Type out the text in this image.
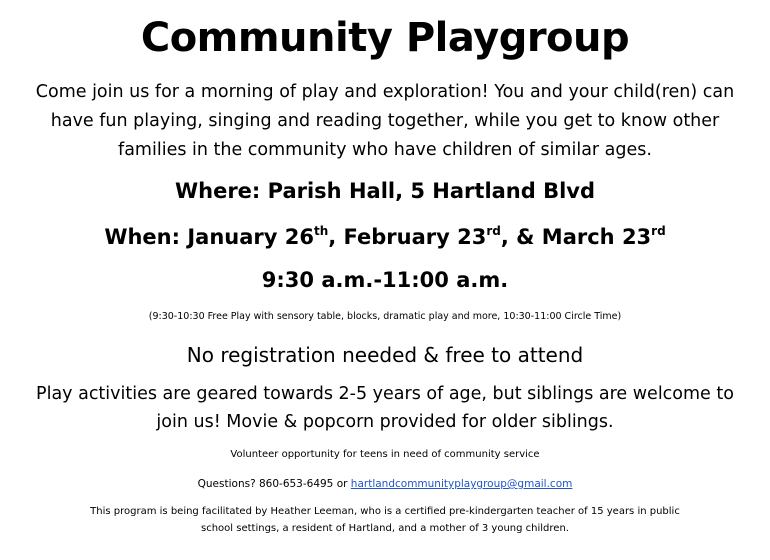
Community Playgroup

Come join us for a morning of play and exploration! You and your child(ren) can have fun playing, singing and reading together, while you get to know other families in the community who have children of similar ages.

Where: Parish Hall, 5 Hartland Blvd

When: January 26th, February 23rd, & March 23rd

9:30 a.m.-11:00 a.m.

(9:30-10:30 Free Play with sensory table, blocks, dramatic play and more, 10:30-11:00 Circle Time)

No registration needed & free to attend

Play activities are geared towards 2-5 years of age, but siblings are welcome to join us! Movie & popcorn provided for older siblings.

Volunteer opportunity for teens in need of community service

Questions? 860-653-6495 or hartlandcommunityplaygroup@gmail.com

This program is being facilitated by Heather Leeman, who is a certified pre-kindergarten teacher of 15 years in public school settings, a resident of Hartland, and a mother of 3 young children.
